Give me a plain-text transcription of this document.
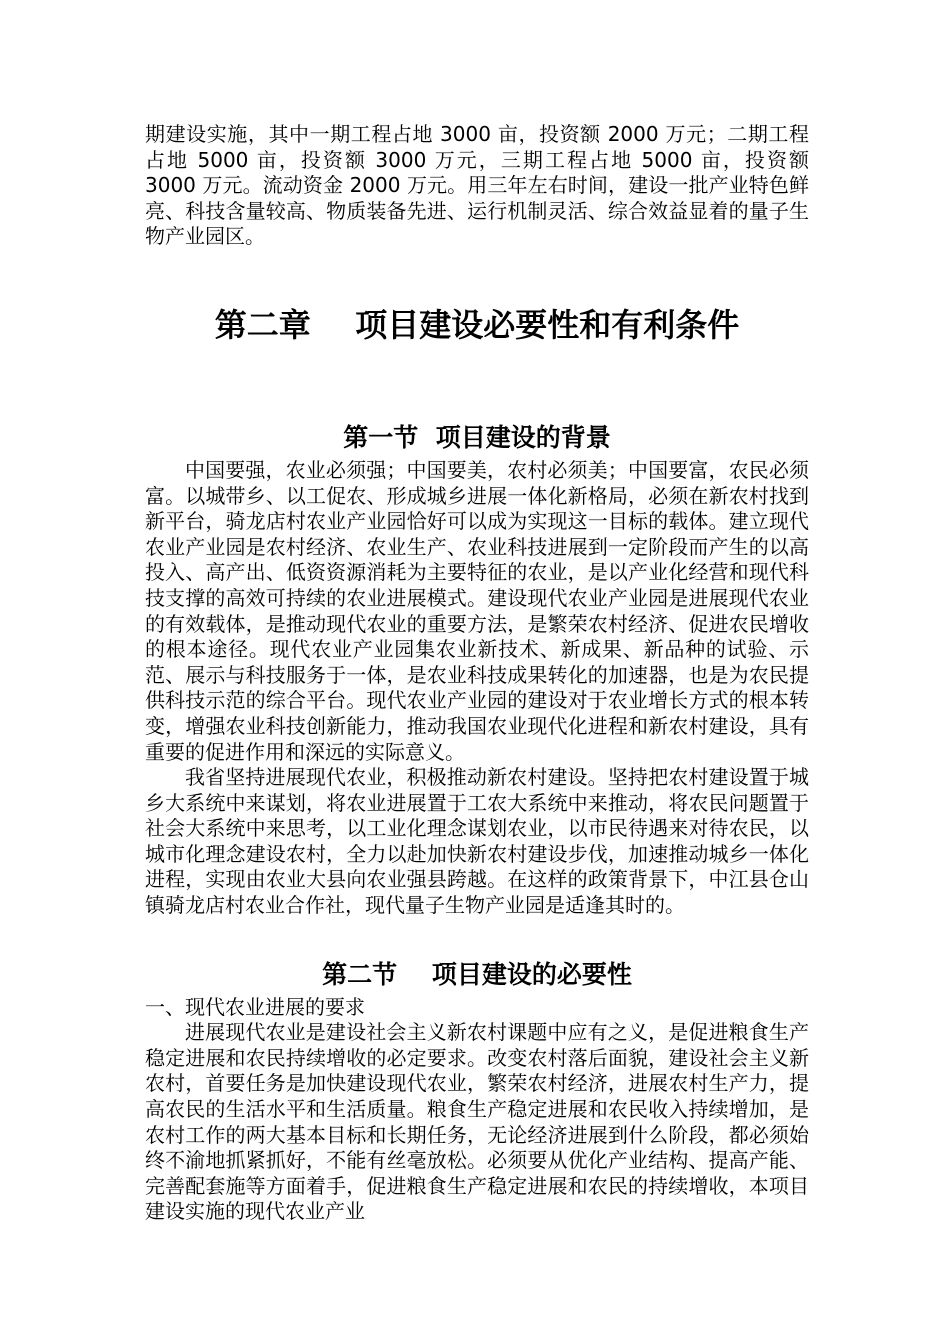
期建设实施，其中一期工程占地 3000 亩，投资额 2000 万元；二期工程占地 5000 亩，投资额 3000 万元，三期工程占地 5000 亩，投资额 3000 万元。流动资金 2000 万元。用三年左右时间，建设一批产业特色鲜亮、科技含量较高、物质装备先进、运行机制灵活、综合效益显着的量子生物产业园区。

第二章    项目建设必要性和有利条件
第一节  项目建设的背景

中国要强，农业必须强；中国要美，农村必须美；中国要富，农民必须富。以城带乡、以工促农、形成城乡进展一体化新格局，必须在新农村找到新平台，骑龙店村农业产业园恰好可以成为实现这一目标的载体。建立现代农业产业园是农村经济、农业生产、农业科技进展到一定阶段而产生的以高投入、高产出、低资资源消耗为主要特征的农业，是以产业化经营和现代科技支撑的高效可持续的农业进展模式。建设现代农业产业园是进展现代农业的有效载体，是推动现代农业的重要方法，是繁荣农村经济、促进农民增收的根本途径。现代农业产业园集农业新技术、新成果、新品种的试验、示范、展示与科技服务于一体，是农业科技成果转化的加速器，也是为农民提供科技示范的综合平台。现代农业产业园的建设对于农业增长方式的根本转变，增强农业科技创新能力，推动我国农业现代化进程和新农村建设，具有重要的促进作用和深远的实际意义。

我省坚持进展现代农业，积极推动新农村建设。坚持把农村建设置于城乡大系统中来谋划，将农业进展置于工农大系统中来推动，将农民问题置于社会大系统中来思考，以工业化理念谋划农业，以市民待遇来对待农民，以城市化理念建设农村，全力以赴加快新农村建设步伐，加速推动城乡一体化进程，实现由农业大县向农业强县跨越。在这样的政策背景下，中江县仓山镇骑龙店村农业合作社，现代量子生物产业园是适逢其时的。

第二节    项目建设的必要性

一、现代农业进展的要求

进展现代农业是建设社会主义新农村课题中应有之义，是促进粮食生产稳定进展和农民持续增收的必定要求。改变农村落后面貌，建设社会主义新农村，首要任务是加快建设现代农业，繁荣农村经济，进展农村生产力，提高农民的生活水平和生活质量。粮食生产稳定进展和农民收入持续增加，是农村工作的两大基本目标和长期任务，无论经济进展到什么阶段，都必须始终不渝地抓紧抓好，不能有丝毫放松。必须要从优化产业结构、提高产能、完善配套施等方面着手，促进粮食生产稳定进展和农民的持续增收，本项目建设实施的现代农业产业
